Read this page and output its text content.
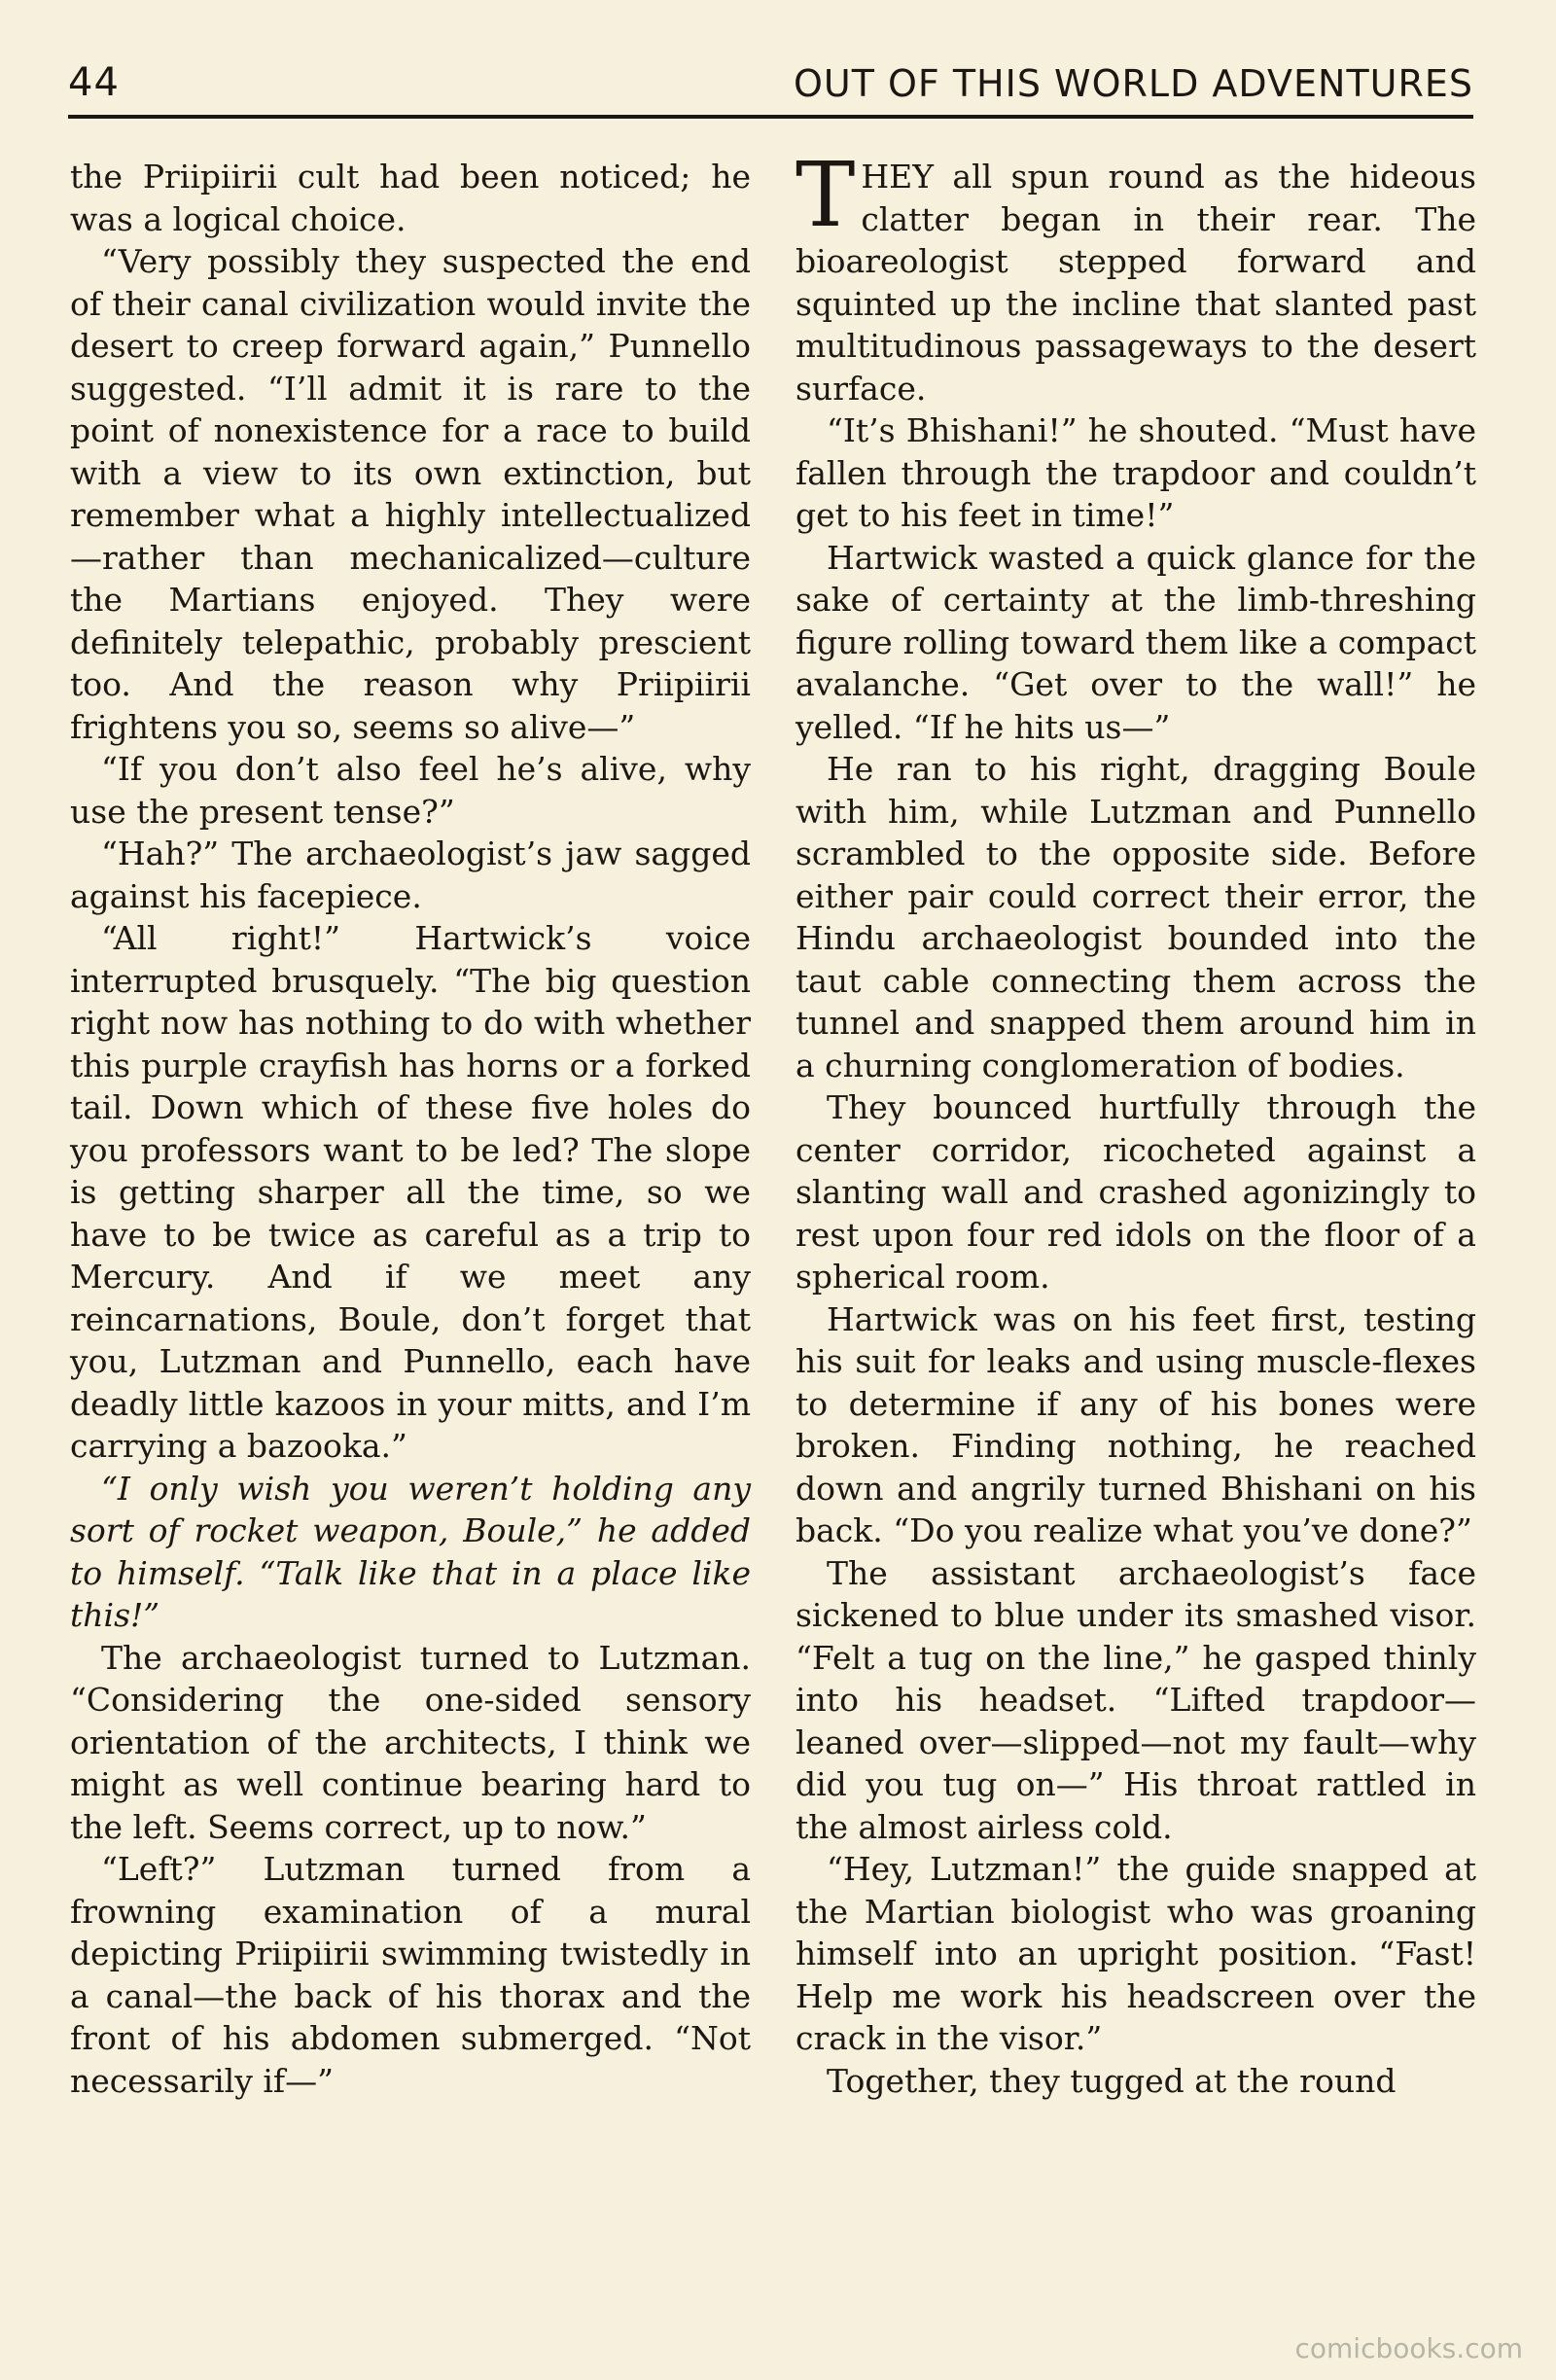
44	OUT OF THIS WORLD ADVENTURES

the Priipiirii cult had been noticed; he was a logical choice.

“Very possibly they suspected the end of their canal civilization would invite the desert to creep forward again,” Punnello suggested. “I’ll admit it is rare to the point of nonexistence for a race to build with a view to its own extinction, but remember what a highly intellectualized—rather than mechanicalized—culture the Martians enjoyed. They were definitely telepathic, probably prescient too. And the reason why Priipiirii frightens you so, seems so alive—”

“If you don’t also feel he’s alive, why use the present tense?”

“Hah?” The archaeologist’s jaw sagged against his facepiece.

“All right!” Hartwick’s voice interrupted brusquely. “The big question right now has nothing to do with whether this purple crayfish has horns or a forked tail. Down which of these five holes do you professors want to be led? The slope is getting sharper all the time, so we have to be twice as careful as a trip to Mercury. And if we meet any reincarnations, Boule, don’t forget that you, Lutzman and Punnello, each have deadly little kazoos in your mitts, and I’m carrying a bazooka.”

“I only wish you weren’t holding any sort of rocket weapon, Boule,” he added to himself. “Talk like that in a place like this!”

The archaeologist turned to Lutzman. “Considering the one-sided sensory orientation of the architects, I think we might as well continue bearing hard to the left. Seems correct, up to now.”

“Left?” Lutzman turned from a frowning examination of a mural depicting Priipiirii swimming twistedly in a canal—the back of his thorax and the front of his abdomen submerged. “Not necessarily if—”

THEY all spun round as the hideous clatter began in their rear. The bioareologist stepped forward and squinted up the incline that slanted past multitudinous passageways to the desert surface.

“It’s Bhishani!” he shouted. “Must have fallen through the trapdoor and couldn’t get to his feet in time!”

Hartwick wasted a quick glance for the sake of certainty at the limb-threshing figure rolling toward them like a compact avalanche. “Get over to the wall!” he yelled. “If he hits us—”

He ran to his right, dragging Boule with him, while Lutzman and Punnello scrambled to the opposite side. Before either pair could correct their error, the Hindu archaeologist bounded into the taut cable connecting them across the tunnel and snapped them around him in a churning conglomeration of bodies.

They bounced hurtfully through the center corridor, ricocheted against a slanting wall and crashed agonizingly to rest upon four red idols on the floor of a spherical room.

Hartwick was on his feet first, testing his suit for leaks and using muscle-flexes to determine if any of his bones were broken. Finding nothing, he reached down and angrily turned Bhishani on his back. “Do you realize what you’ve done?”

The assistant archaeologist’s face sickened to blue under its smashed visor. “Felt a tug on the line,” he gasped thinly into his headset. “Lifted trapdoor—leaned over—slipped—not my fault—why did you tug on—” His throat rattled in the almost airless cold.

“Hey, Lutzman!” the guide snapped at the Martian biologist who was groaning himself into an upright position. “Fast! Help me work his headscreen over the crack in the visor.”

Together, they tugged at the round

comicbooks.com
